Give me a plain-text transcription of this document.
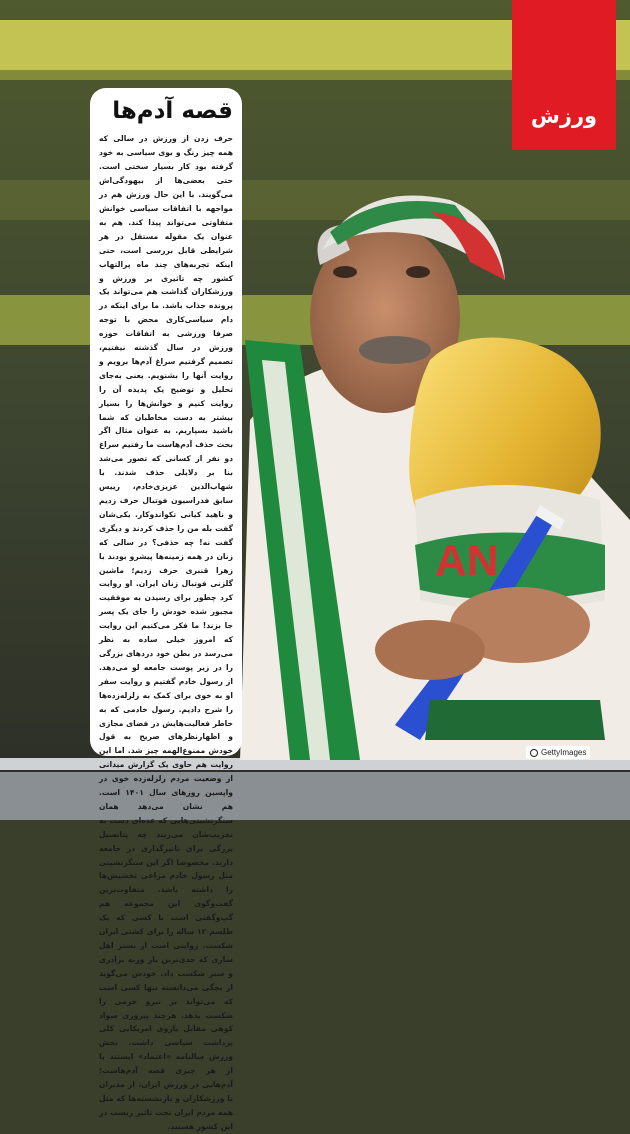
AN
ورزش
قصه آدم‌ها

حرف زدن از ورزش در سالی که همه چیز رنگ و بوی سیاسی به خود گرفته بود کار بسیار سختی است. حتی بعضی‌ها از بیهودگی‌اش می‌گویند. با این حال ورزش هم در مواجهه با اتفاقات سیاسی خوانش متفاوتی می‌تواند پیدا کند. هم به عنوان یک مقوله مستقل در هر شرایطی قابل بررسی است، حتی اینکه تجربه‌های چند ماه پرالتهاب کشور چه تاثیری بر ورزش و ورزشکاران گذاشت هم می‌تواند یک پرونده جذاب باشد. ما برای اینکه در دام سیاسی‌کاری محض با توجه صرفا ورزشی به اتفاقات حوزه ورزش در سال گذشته نیفتیم، تصمیم گرفتیم سراغ آدم‌ها برویم و روایت آنها را بشنویم. یعنی به‌جای تحلیل و توضیح یک پدیده آن را روایت کنیم و خوانش‌ها را بسیار بیشتر به دست مخاطبان که شما باشید بسپاریم. به عنوان مثال اگر بحث حذف آدم‌هاست ما رفتیم سراغ دو نفر از کسانی که تصور می‌شد بنا بر دلایلی حذف شدند. با شهاب‌الدین عزیزی‌خادم، رییس سابق فدراسیون فوتبال حرف زدیم و ناهید کیانی تکواندوکار. یکی‌شان گفت بله من را حذف کردند و دیگری گفت نه! چه حذفی؟ در سالی که زنان در همه زمینه‌ها پیشرو بودند با زهرا قنبری حرف زدیم؛ ماشین گلزنی فوتبال زنان ایران. او روایت کرد چطور برای رسیدن به موفقیت مجبور شده خودش را جای یک پسر جا بزند! ما فکر می‌کنیم این روایت که امروز خیلی ساده به نظر می‌رسد در بطن خود دردهای بزرگی را در زیر پوست جامعه لو می‌دهد. از رسول خادم گفتیم و روایت سفر او به خوی برای کمک به زلزله‌زده‌ها را شرح دادیم. رسول خادمی که به خاطر فعالیت‌هایش در فضای مجازی و اظهارنظرهای صریح به قول خودش ممنوع‌الهمه چیز شد. اما این روایت هم حاوی یک گزارش میدانی از وضعیت مردم زلزله‌زده خوی در واپسین روزهای سال ۱۴۰۱ است. هم نشان می‌دهد همان سنگرنشینی‌هایی که عده‌ای دست به تخریب‌شان می‌زنند چه پتانسیل بزرگی برای تاثیرگذاری در جامعه دارند. مخصوصا اگر این سنگرنشینی مثل رسول خادم مراعی تخشیش‌ها را داشته باشد. متفاوت‌ترین گفت‌وگوی این مجموعه هم گپ‌وگفتی است با کسی که یک طلسم ۱۲ ساله را برای کشتی ایران شکست. روایتی است از بستر اهل ساری که جدی‌ترین بار وزنه برادری و سبز شکست داد. خودش می‌گوید از بچگی می‌دانسته تنها کسی است که می‌تواند بر نیرو حرمی را شکست بدهد. هرچند پیروزی سواد کوهی مقابل بازوی امریکایی کلی برداشت سیاسی داشت. بخش ورزش سالنامه «اعتماد» ایستند با از هر چیزی قصه آدم‌هاست؛ آدم‌هایی در ورزش ایران، از مدیران تا ورزشکاران و بازنشسته‌ها که مثل همه مردم ایران تحت تاثیر زیست در این کشور هستند.

GettyImages
